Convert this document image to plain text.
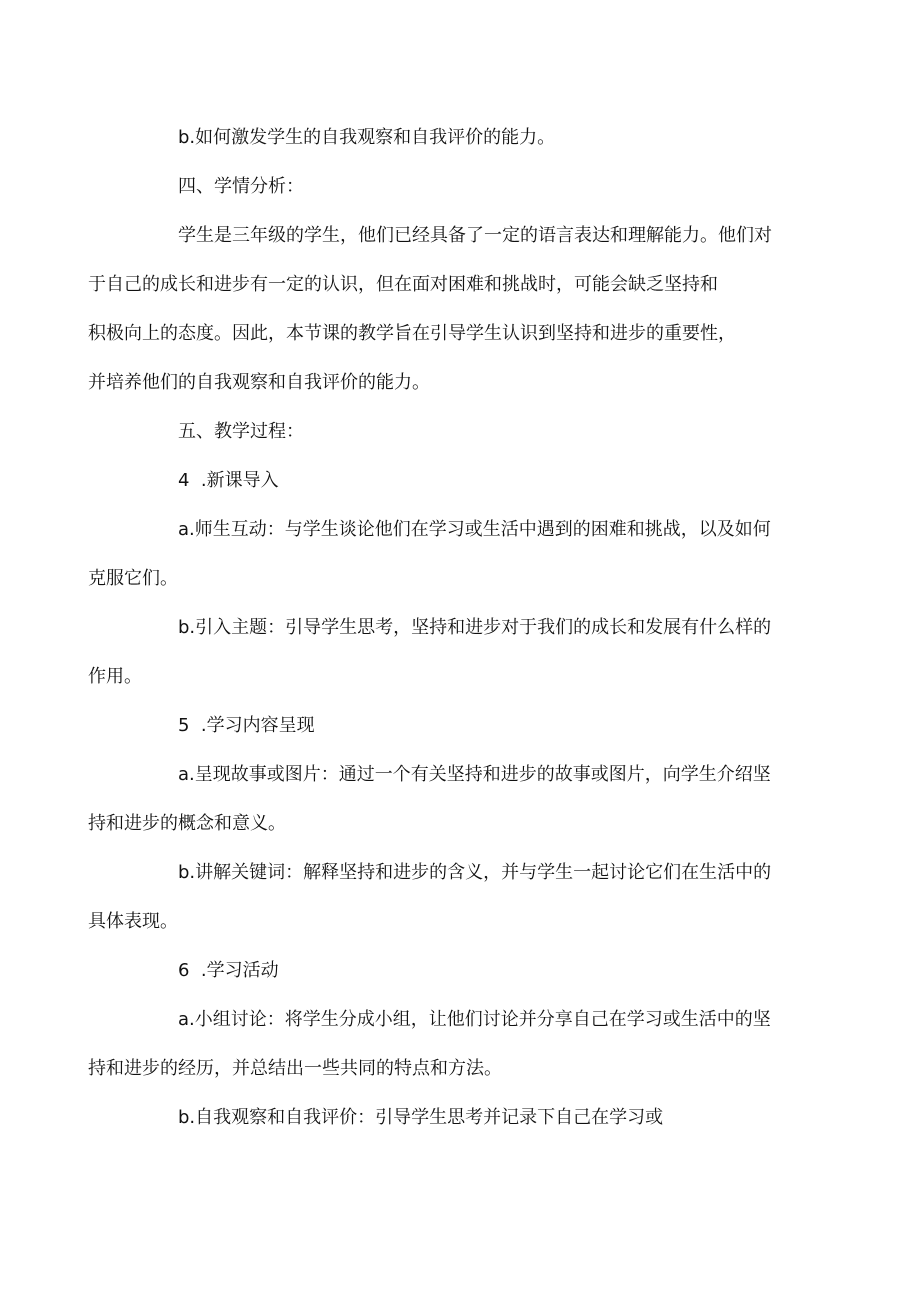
b.如何激发学生的自我观察和自我评价的能力。

四、学情分析：

学生是三年级的学生，他们已经具备了一定的语言表达和理解能力。他们对
于自己的成长和进步有一定的认识，但在面对困难和挑战时，可能会缺乏坚持和
积极向上的态度。因此，本节课的教学旨在引导学生认识到坚持和进步的重要性，
并培养他们的自我观察和自我评价的能力。

五、教学过程：

4  .新课导入

a.师生互动：与学生谈论他们在学习或生活中遇到的困难和挑战，以及如何
克服它们。

b.引入主题：引导学生思考，坚持和进步对于我们的成长和发展有什么样的
作用。

5  .学习内容呈现

a.呈现故事或图片：通过一个有关坚持和进步的故事或图片，向学生介绍坚
持和进步的概念和意义。

b.讲解关键词：解释坚持和进步的含义，并与学生一起讨论它们在生活中的
具体表现。

6  .学习活动

a.小组讨论：将学生分成小组，让他们讨论并分享自己在学习或生活中的坚
持和进步的经历，并总结出一些共同的特点和方法。

b.自我观察和自我评价：引导学生思考并记录下自己在学习或
